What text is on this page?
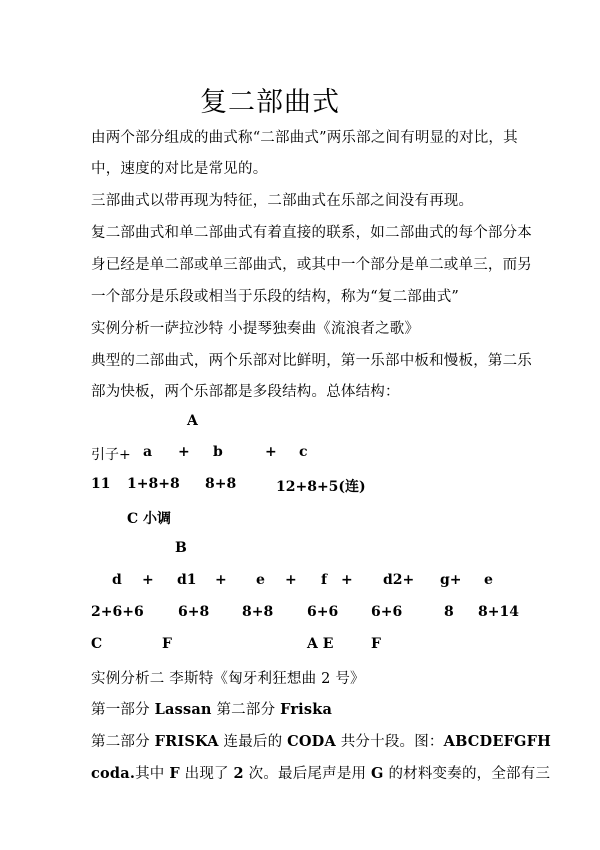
复二部曲式
由两个部分组成的曲式称“二部曲式”两乐部之间有明显的对比，其
中，速度的对比是常见的。
三部曲式以带再现为特征，二部曲式在乐部之间没有再现。
复二部曲式和单二部曲式有着直接的联系，如二部曲式的每个部分本
身已经是单二部或单三部曲式，或其中一个部分是单二或单三，而另
一个部分是乐段或相当于乐段的结构，称为“复二部曲式”
实例分析一萨拉沙特 小提琴独奏曲《流浪者之歌》
典型的二部曲式，两个乐部对比鲜明，第一乐部中板和慢板，第二乐
部为快板，两个乐部都是多段结构。总体结构：
A
引子+ a + b	+ c
11 1+8+8 8+8	12+8+5(连)
C 小调
B
d + d1 + e + f + d2+ g+ e
2+6+6 6+8 8+8 6+6 6+6	8 8+14
C	F	A E	F
实例分析二 李斯特《匈牙利狂想曲 2 号》
第一部分 Lassan 第二部分 Friska
第二部分 FRISKA 连最后的 CODA 共分十段。图：ABCDEFGFH
coda.其中 F 出现了 2 次。最后尾声是用 G 的材料变奏的，全部有三
